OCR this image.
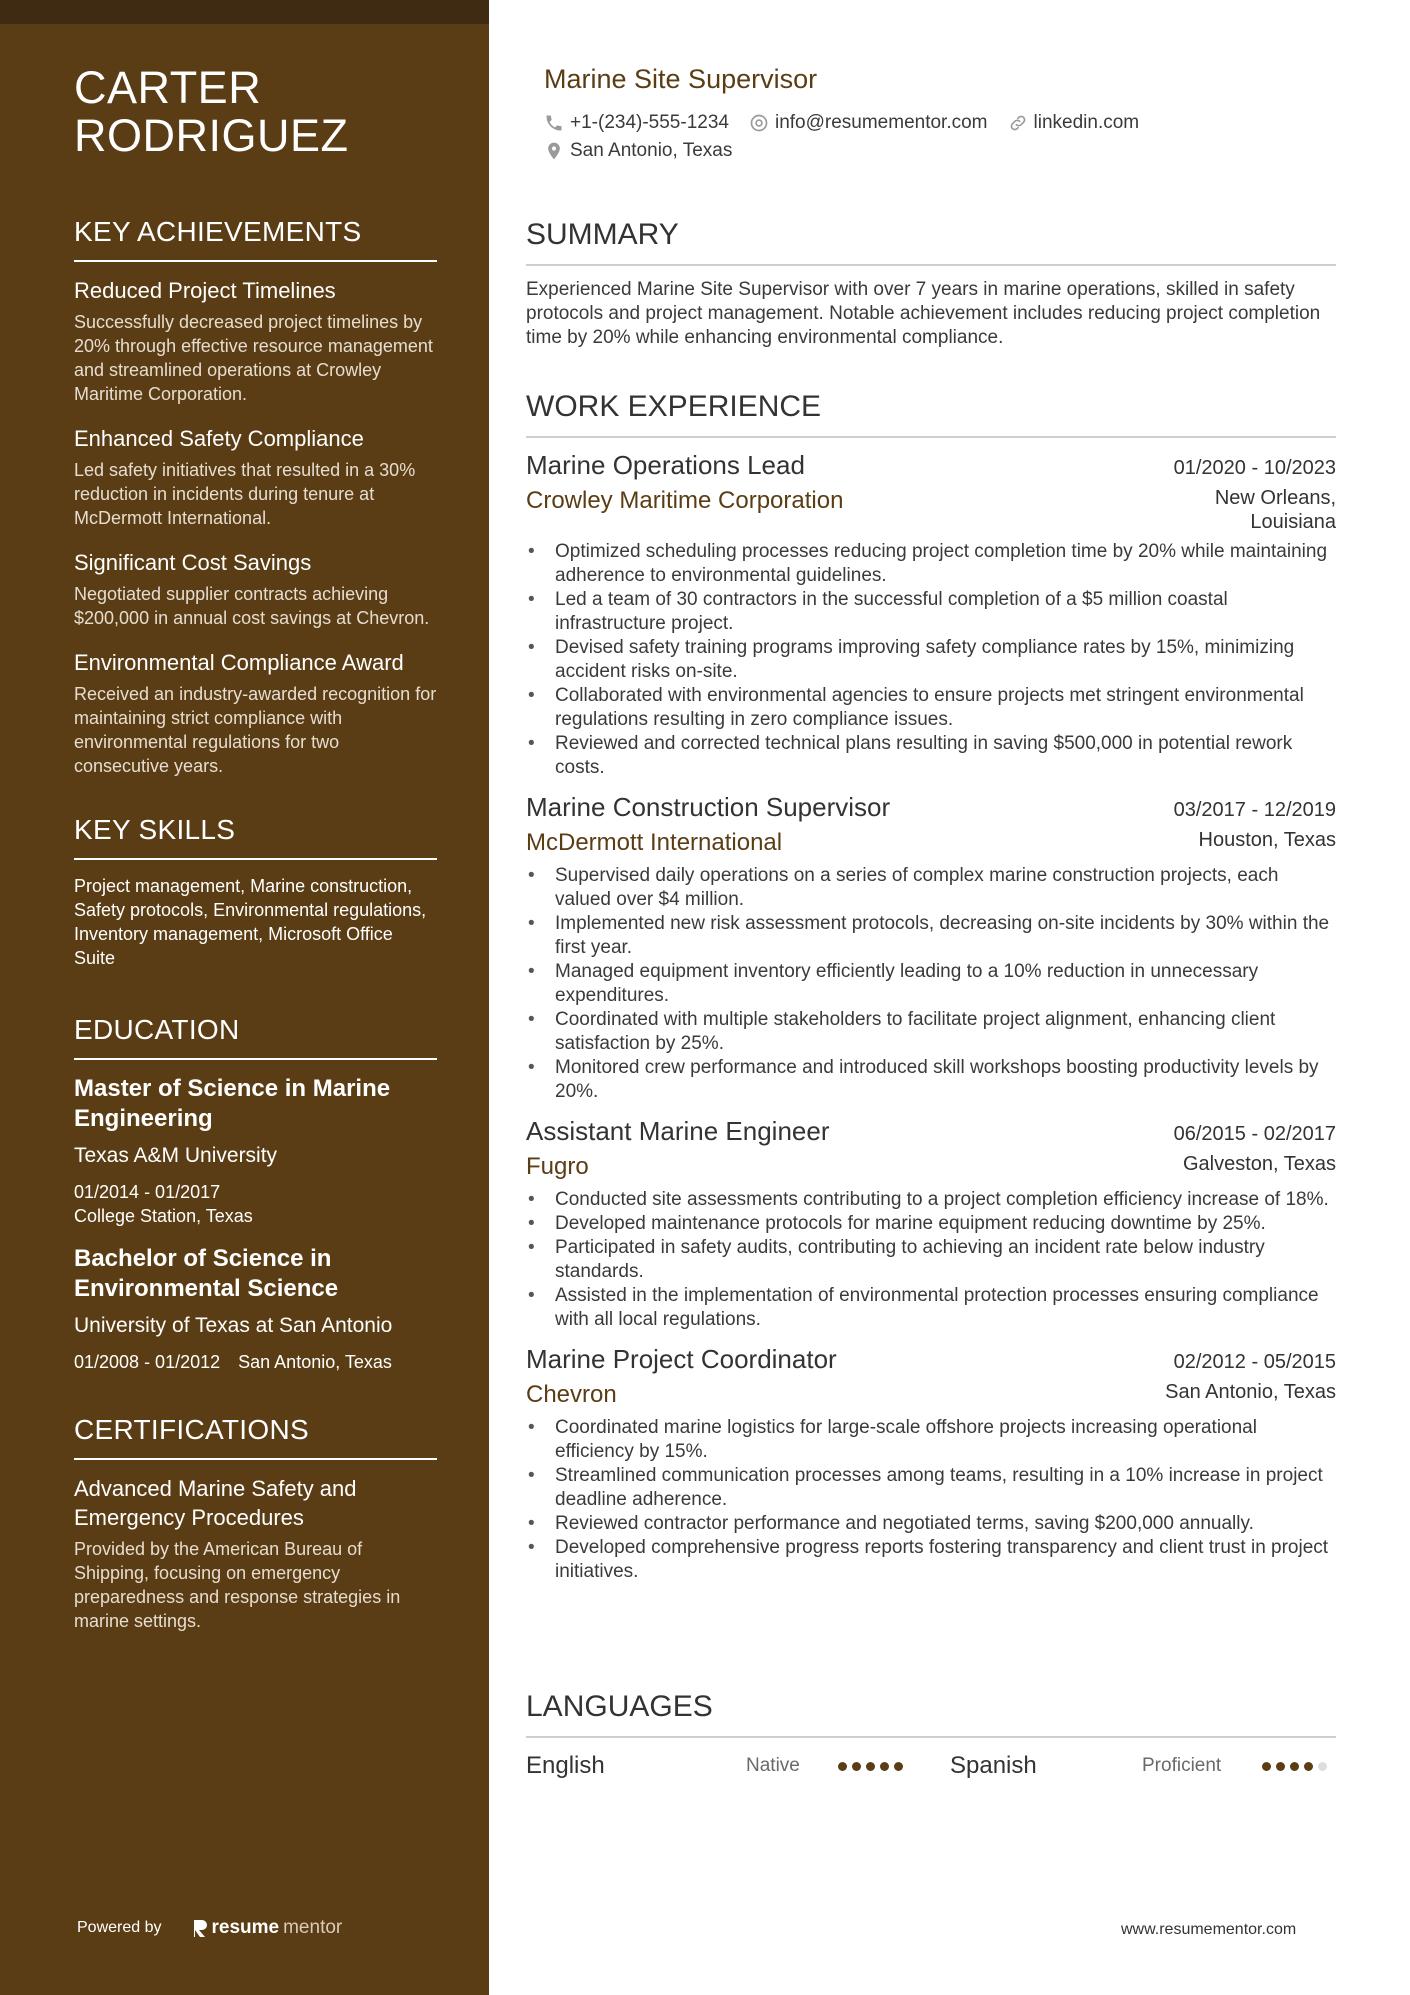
CARTER RODRIGUEZ
KEY ACHIEVEMENTS
Reduced Project Timelines
Successfully decreased project timelines by 20% through effective resource management and streamlined operations at Crowley Maritime Corporation.
Enhanced Safety Compliance
Led safety initiatives that resulted in a 30% reduction in incidents during tenure at McDermott International.
Significant Cost Savings
Negotiated supplier contracts achieving $200,000 in annual cost savings at Chevron.
Environmental Compliance Award
Received an industry-awarded recognition for maintaining strict compliance with environmental regulations for two consecutive years.
KEY SKILLS
Project management, Marine construction, Safety protocols, Environmental regulations, Inventory management, Microsoft Office Suite
EDUCATION
Master of Science in Marine Engineering
Texas A&M University
01/2014 - 01/2017
College Station, Texas
Bachelor of Science in Environmental Science
University of Texas at San Antonio
01/2008 - 01/2012 San Antonio, Texas
CERTIFICATIONS
Advanced Marine Safety and Emergency Procedures
Provided by the American Bureau of Shipping, focusing on emergency preparedness and response strategies in marine settings.
Powered by	resume mentor
Marine Site Supervisor
+1-(234)-555-1234 info@resumementor.com linkedin.com
San Antonio, Texas
SUMMARY

Experienced Marine Site Supervisor with over 7 years in marine operations, skilled in safety protocols and project management. Notable achievement includes reducing project completion time by 20% while enhancing environmental compliance.

WORK EXPERIENCE
Marine Operations Lead	01/2020 - 10/2023
Crowley Maritime Corporation	New Orleans, Louisiana
• Optimized scheduling processes reducing project completion time by 20% while maintaining adherence to environmental guidelines.
• Led a team of 30 contractors in the successful completion of a $5 million coastal infrastructure project.
• Devised safety training programs improving safety compliance rates by 15%, minimizing accident risks on-site.
• Collaborated with environmental agencies to ensure projects met stringent environmental regulations resulting in zero compliance issues.
• Reviewed and corrected technical plans resulting in saving $500,000 in potential rework costs.
Marine Construction Supervisor	03/2017 - 12/2019
McDermott International	Houston, Texas
• Supervised daily operations on a series of complex marine construction projects, each valued over $4 million.
• Implemented new risk assessment protocols, decreasing on-site incidents by 30% within the first year.
• Managed equipment inventory efficiently leading to a 10% reduction in unnecessary expenditures.
• Coordinated with multiple stakeholders to facilitate project alignment, enhancing client satisfaction by 25%.
• Monitored crew performance and introduced skill workshops boosting productivity levels by 20%.
Assistant Marine Engineer	06/2015 - 02/2017
Fugro	Galveston, Texas
• Conducted site assessments contributing to a project completion efficiency increase of 18%.
• Developed maintenance protocols for marine equipment reducing downtime by 25%.
• Participated in safety audits, contributing to achieving an incident rate below industry standards.
• Assisted in the implementation of environmental protection processes ensuring compliance with all local regulations.
Marine Project Coordinator	02/2012 - 05/2015
Chevron	San Antonio, Texas
• Coordinated marine logistics for large-scale offshore projects increasing operational efficiency by 15%.
• Streamlined communication processes among teams, resulting in a 10% increase in project deadline adherence.
• Reviewed contractor performance and negotiated terms, saving $200,000 annually.
• Developed comprehensive progress reports fostering transparency and client trust in project initiatives.
LANGUAGES
English	Native	Spanish	Proficient
www.resumementor.com
